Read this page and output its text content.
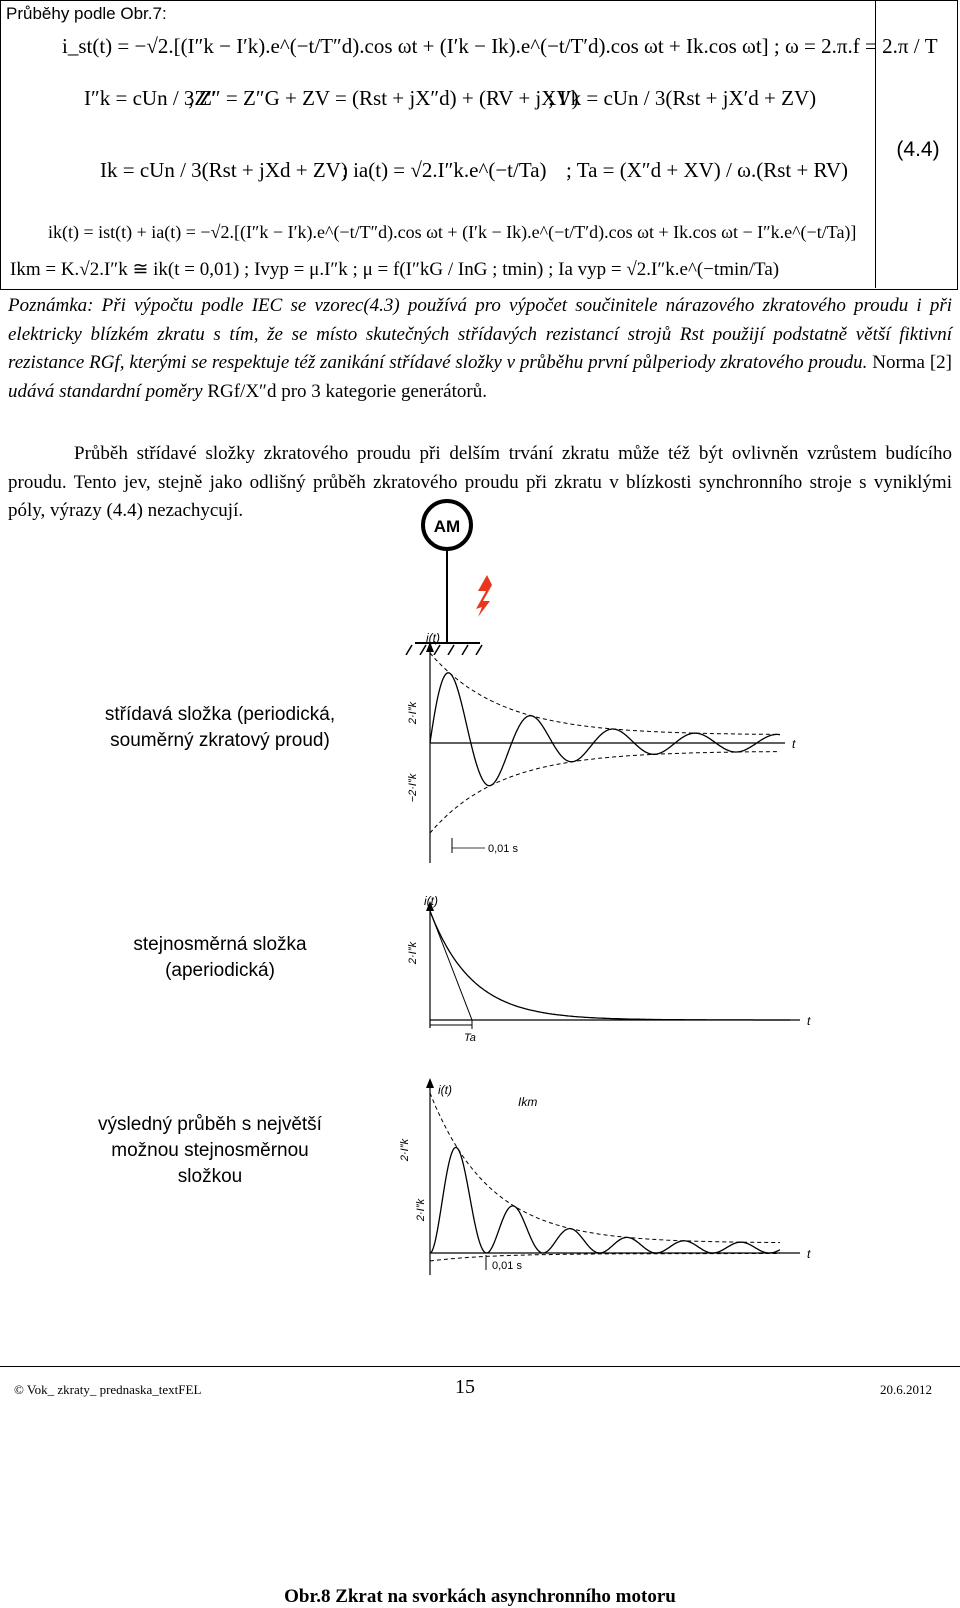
Průběhy podle Obr.7:
(4.4)
i_st(t) = −√2.[(I″k − I′k).e^(−t/T″d).cos ωt + (I′k − Ik).e^(−t/T′d).cos ωt + Ik.cos ωt] ; ω = 2.π.f = 2.π / T
I″k = cUn / 3Z″
; Z″ = Z″G + ZV = (Rst + jX″d) + (RV + jXV)
; I′k = cUn / 3(Rst + jX′d + ZV)
Ik = cUn / 3(Rst + jXd + ZV)
; ia(t) = √2.I″k.e^(−t/Ta) ; Ta = (X″d + XV) / ω.(Rst + RV)
ik(t) = ist(t) + ia(t) = −√2.[(I″k − I′k).e^(−t/T″d).cos ωt + (I′k − Ik).e^(−t/T′d).cos ωt + Ik.cos ωt − I″k.e^(−t/Ta)]
Ikm = K.√2.I″k ≅ ik(t = 0,01) ; Ivyp = μ.I″k ; μ = f(I″kG / InG ; tmin) ; Ia vyp = √2.I″k.e^(−tmin/Ta)
Poznámka: Při výpočtu podle IEC se vzorec(4.3) používá pro výpočet součinitele nárazového zkratového proudu i při elektricky blízkém zkratu s tím, že se místo skutečných střídavých rezistancí strojů Rst použijí podstatně větší fiktivní rezistance RGf, kterými se respektuje též zanikání střídavé složky v průběhu první půlperiody zkratového proudu. Norma [2] udává standardní poměry RGf/X″d pro 3 kategorie generátorů.
Průběh střídavé složky zkratového proudu při delším trvání zkratu může též být ovlivněn vzrůstem budícího proudu. Tento jev, stejně jako odlišný průběh zkratového proudu při zkratu v blízkosti synchronního stroje s vyniklými póly, výrazy (4.4) nezachycují.
AM
střídavá složka (periodická, souměrný zkratový proud)
stejnosměrná složka (aperiodická)
výsledný průběh s největší možnou stejnosměrnou složkou
i(t)
t
2·I″k
−2·I″k
0,01 s
i(t)
t
2·I″k
Ta
i(t)
Ikm
t
2·I″k
2·I″k
0,01 s
Obr.8 Zkrat na svorkách asynchronního motoru
© Vok_ zkraty_ prednaska_textFEL	15	20.6.2012
